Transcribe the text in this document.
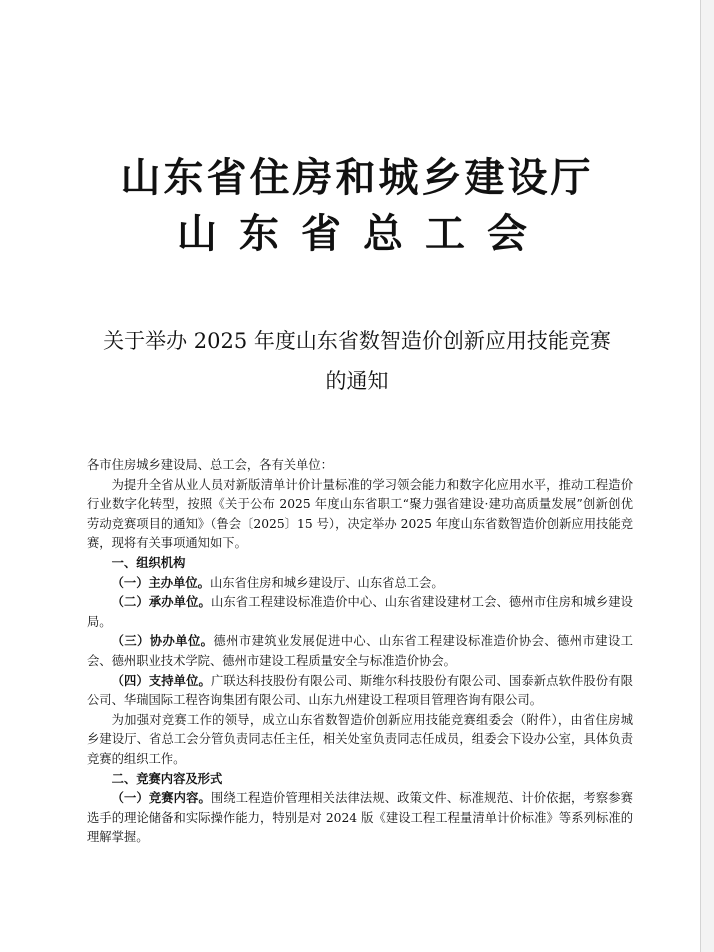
山东省住房和城乡建设厅
山东省总工会
关于举办 2025 年度山东省数智造价创新应用技能竞赛
的通知

各市住房城乡建设局、总工会，各有关单位：

为提升全省从业人员对新版清单计价计量标准的学习领会能力和数字化应用水平，推动工程造价行业数字化转型，按照《关于公布 2025 年度山东省职工“聚力强省建设·建功高质量发展”创新创优劳动竞赛项目的通知》（鲁会〔2025〕15 号），决定举办 2025 年度山东省数智造价创新应用技能竞赛，现将有关事项通知如下。

一、组织机构

（一）主办单位。山东省住房和城乡建设厅、山东省总工会。

（二）承办单位。山东省工程建设标准造价中心、山东省建设建材工会、德州市住房和城乡建设局。

（三）协办单位。德州市建筑业发展促进中心、山东省工程建设标准造价协会、德州市建设工会、德州职业技术学院、德州市建设工程质量安全与标准造价协会。

（四）支持单位。广联达科技股份有限公司、斯维尔科技股份有限公司、国泰新点软件股份有限公司、华瑞国际工程咨询集团有限公司、山东九州建设工程项目管理咨询有限公司。

为加强对竞赛工作的领导，成立山东省数智造价创新应用技能竞赛组委会（附件），由省住房城乡建设厅、省总工会分管负责同志任主任，相关处室负责同志任成员，组委会下设办公室，具体负责竞赛的组织工作。

二、竞赛内容及形式

（一）竞赛内容。围绕工程造价管理相关法律法规、政策文件、标准规范、计价依据，考察参赛选手的理论储备和实际操作能力，特别是对 2024 版《建设工程工程量清单计价标准》等系列标准的理解掌握。
